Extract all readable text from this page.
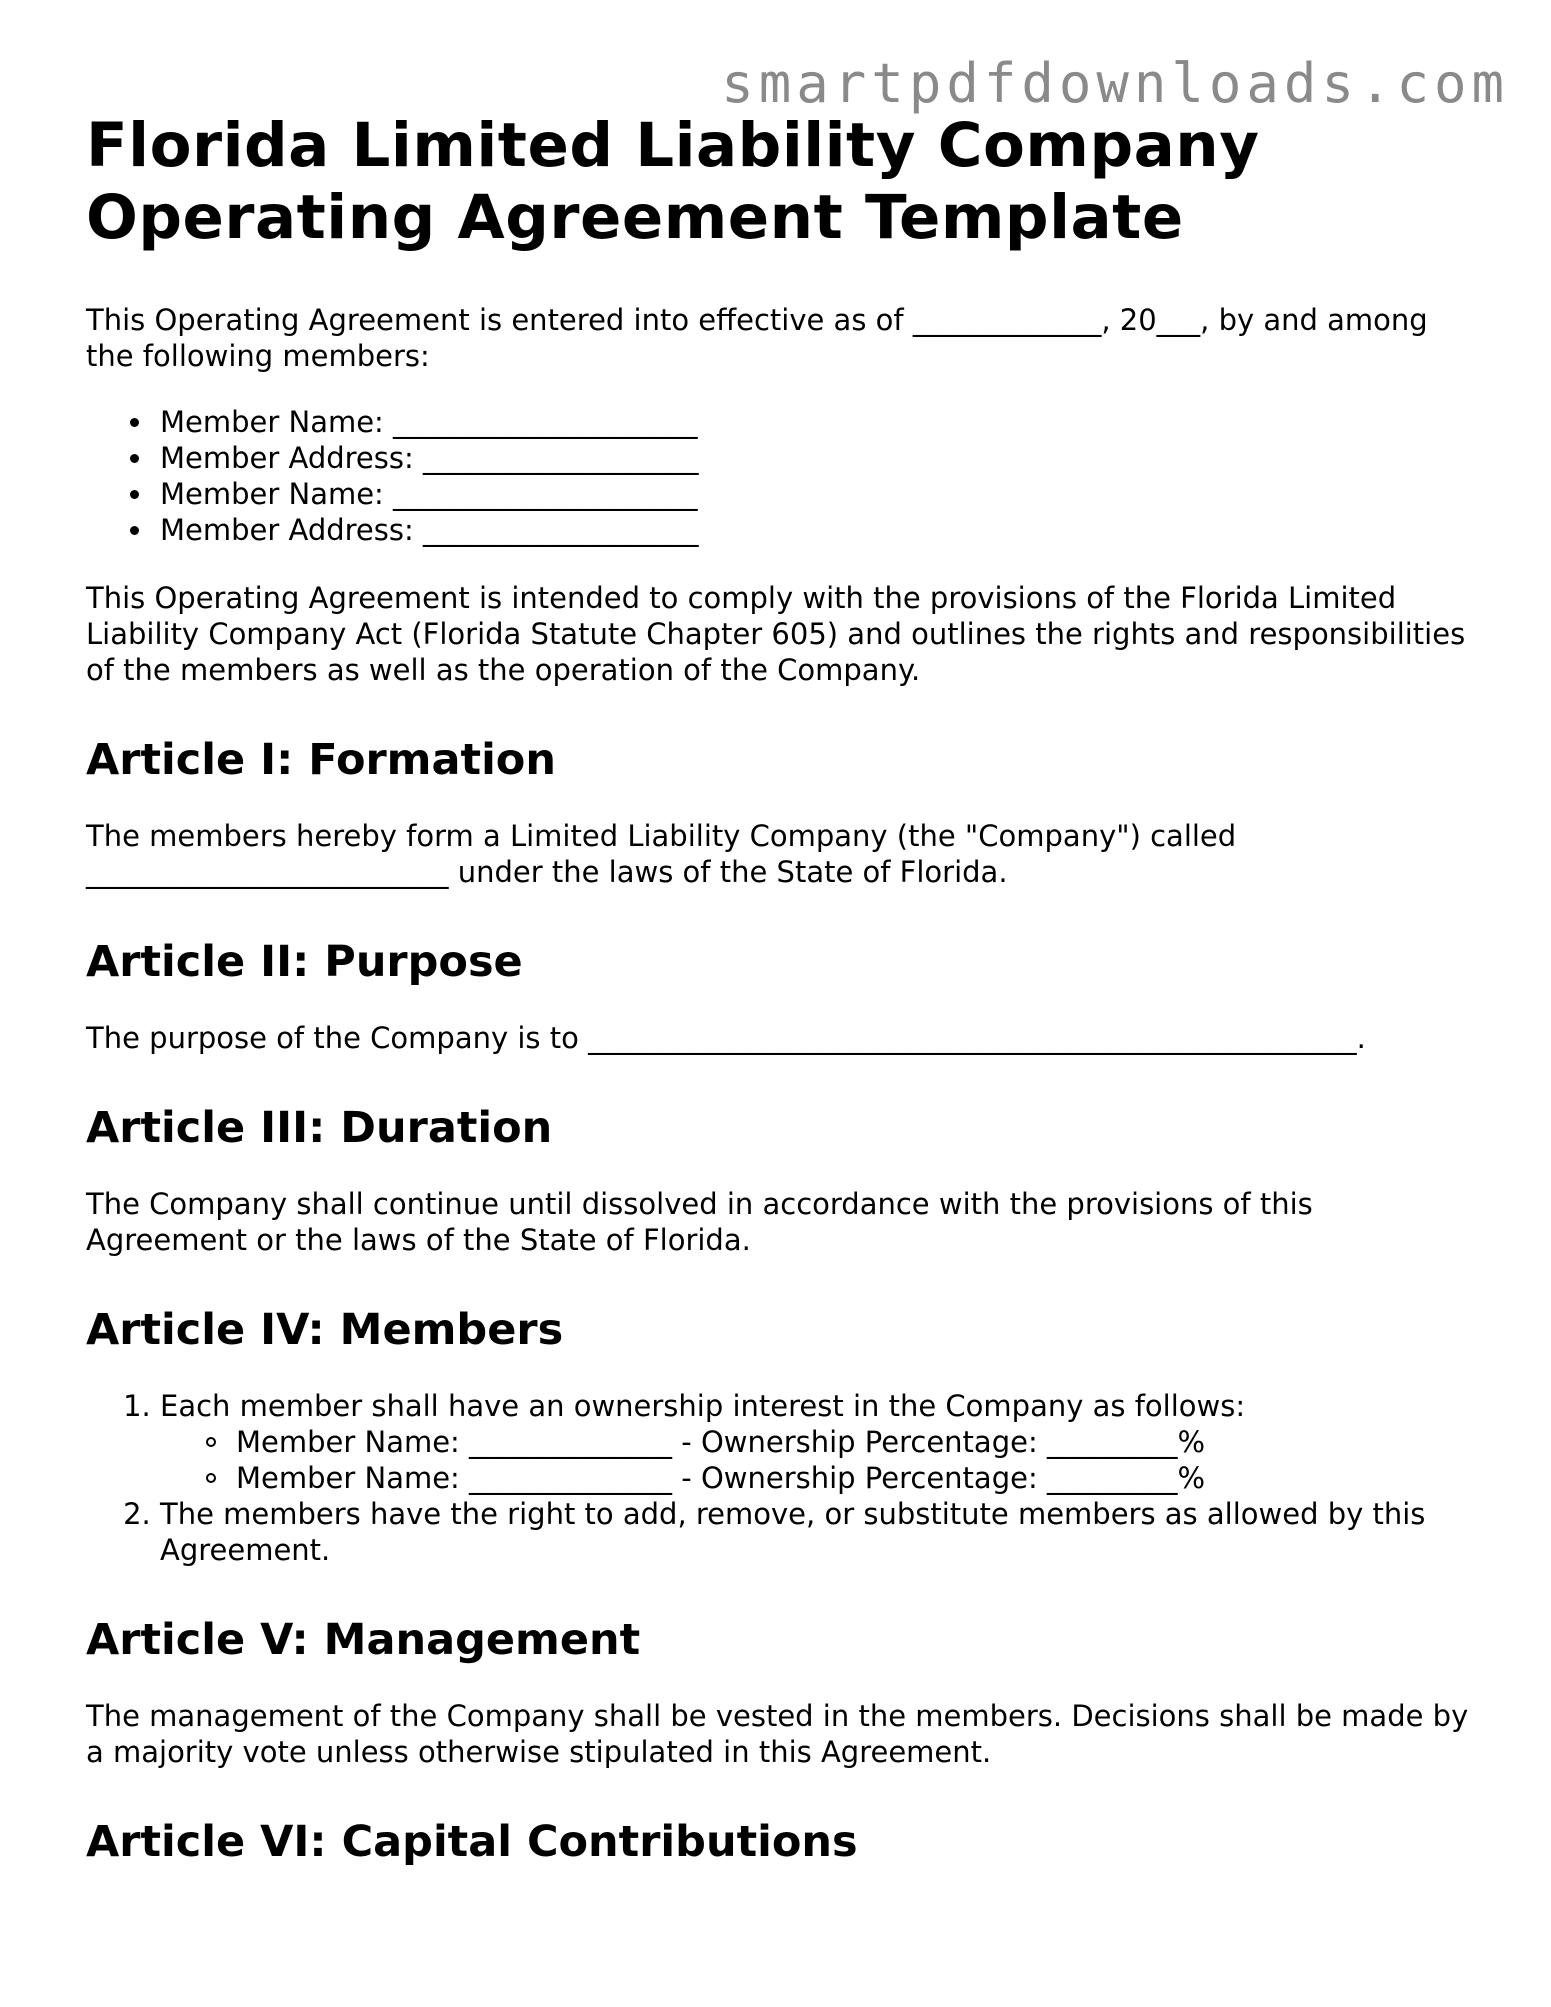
smartpdfdownloads.com
Florida Limited Liability Company
Operating Agreement Template

This Operating Agreement is entered into effective as of _____________, 20___, by and among the following members:

Member Name: _____________________
Member Address: ___________________
Member Name: _____________________
Member Address: ___________________

This Operating Agreement is intended to comply with the provisions of the Florida Limited Liability Company Act (Florida Statute Chapter 605) and outlines the rights and responsibilities of the members as well as the operation of the Company.

Article I: Formation

The members hereby form a Limited Liability Company (the "Company") called _________________________ under the laws of the State of Florida.

Article II: Purpose

The purpose of the Company is to _____________________________________________________.

Article III: Duration

The Company shall continue until dissolved in accordance with the provisions of this Agreement or the laws of the State of Florida.

Article IV: Members
1. Each member shall have an ownership interest in the Company as follows:
Member Name: ______________ - Ownership Percentage: _________%
Member Name: ______________ - Ownership Percentage: _________%
2. The members have the right to add, remove, or substitute members as allowed by this Agreement.
Article V: Management

The management of the Company shall be vested in the members. Decisions shall be made by a majority vote unless otherwise stipulated in this Agreement.

Article VI: Capital Contributions
